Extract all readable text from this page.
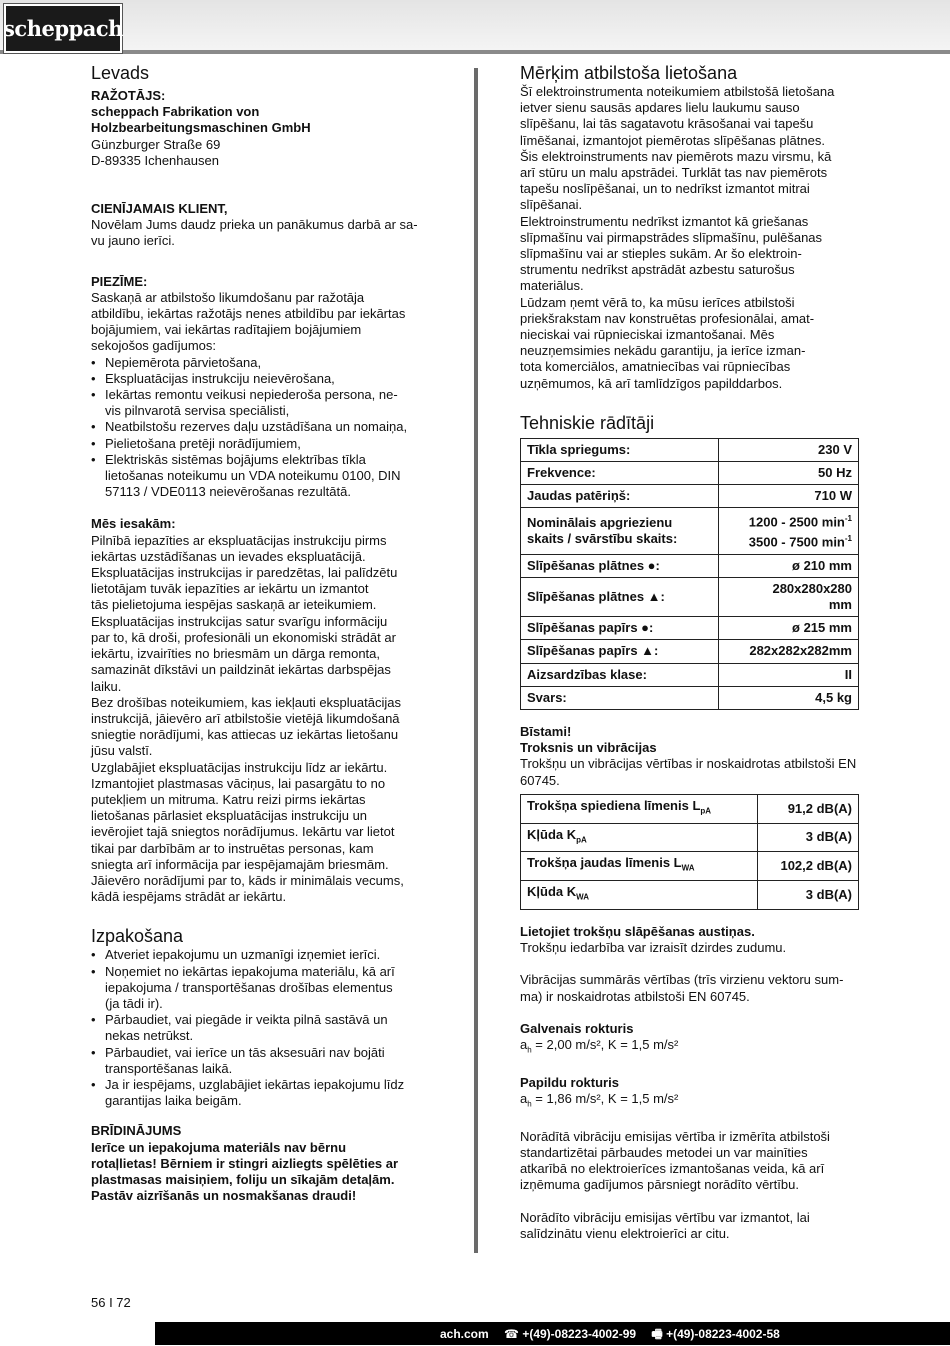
scheppach
Levads

RAŽOTĀJS:

scheppach Fabrikation von
Holzbearbeitungsmaschinen GmbH
Günzburger Straße 69
D-89335 Ichenhausen

CIENĪJAMAIS KLIENT,

Novēlam Jums daudz prieka un panākumus darbā ar sa-
vu jauno ierīci.

PIEZĪME:

Saskaņā ar atbilstošo likumdošanu par ražotāja
atbildību, iekārtas ražotājs nenes atbildību par iekārtas
bojājumiem, vai iekārtas radītajiem bojājumiem
sekojošos gadījumos:
• Nepiemērota pārvietošana,
• Ekspluatācijas instrukciju neievērošana,
• Iekārtas remontu veikusi nepiederoša persona, ne-
vis pilnvarotā servisa speciālisti,
• Neatbilstošu rezerves daļu uzstādīšana un nomaiņa,
• Pielietošana pretēji norādījumiem,
• Elektriskās sistēmas bojājums elektrības tīkla
lietošanas noteikumu un VDA noteikumu 0100, DIN
57113 / VDE0113 neievērošanas rezultātā.

Mēs iesakām:

Pilnībā iepazīties ar ekspluatācijas instrukciju pirms
iekārtas uzstādīšanas un ievades ekspluatācijā.
Ekspluatācijas instrukcijas ir paredzētas, lai palīdzētu
lietotājam tuvāk iepazīties ar iekārtu un izmantot
tās pielietojuma iespējas saskaņā ar ieteikumiem.
Ekspluatācijas instrukcijas satur svarīgu informāciju
par to, kā droši, profesionāli un ekonomiski strādāt ar
iekārtu, izvairīties no briesmām un dārga remonta,
samazināt dīkstāvi un paildzināt iekārtas darbspējas
laiku.
Bez drošības noteikumiem, kas iekļauti ekspluatācijas
instrukcijā, jāievēro arī atbilstošie vietējā likumdošanā
sniegtie norādījumi, kas attiecas uz iekārtas lietošanu
jūsu valstī.
Uzglabājiet ekspluatācijas instrukciju līdz ar iekārtu.
Izmantojiet plastmasas vāciņus, lai pasargātu to no
putekļiem un mitruma. Katru reizi pirms iekārtas
lietošanas pārlasiet ekspluatācijas instrukciju un
ievērojiet tajā sniegtos norādījumus. Iekārtu var lietot
tikai par darbībām ar to instruētas personas, kam
sniegta arī informācija par iespējamajām briesmām.
Jāievēro norādījumi par to, kāds ir minimālais vecums,
kādā iespējams strādāt ar iekārtu.
Izpakošana
• Atveriet iepakojumu un uzmanīgi izņemiet ierīci.
• Noņemiet no iekārtas iepakojuma materiālu, kā arī
iepakojuma / transportēšanas drošības elementus
(ja tādi ir).
• Pārbaudiet, vai piegāde ir veikta pilnā sastāvā un
nekas netrūkst.
• Pārbaudiet, vai ierīce un tās aksesuāri nav bojāti
transportēšanas laikā.
• Ja ir iespējams, uzglabājiet iekārtas iepakojumu līdz
garantijas laika beigām.

BRĪDINĀJUMS

Ierīce un iepakojuma materiāls nav bērnu
rotaļlietas! Bērniem ir stingri aizliegts spēlēties ar
plastmasas maisiņiem, foliju un sīkajām detaļām.
Pastāv aizrīšanās un nosmakšanas draudi!
Mērķim atbilstoša lietošana
Šī elektroinstrumenta noteikumiem atbilstošā lietošana
ietver sienu sausās apdares lielu laukumu sauso
slīpēšanu, lai tās sagatavotu krāsošanai vai tapešu
līmēšanai, izmantojot piemērotas slīpēšanas plātnes.
Šis elektroinstruments nav piemērots mazu virsmu, kā
arī stūru un malu apstrādei. Turklāt tas nav piemērots
tapešu noslīpēšanai, un to nedrīkst izmantot mitrai
slīpēšanai.
Elektroinstrumentu nedrīkst izmantot kā griešanas
slīpmašīnu vai pirmapstrādes slīpmašīnu, pulēšanas
slīpmašīnu vai ar stieples sukām. Ar šo elektroin-
strumentu nedrīkst apstrādāt azbestu saturošus
materiālus.
Lūdzam ņemt vērā to, ka mūsu ierīces atbilstoši
priekšrakstam nav konstruētas profesionālai, amat-
nieciskai vai rūpnieciskai izmantošanai. Mēs
neuzņemsimies nekādu garantiju, ja ierīce izman-
tota komerciālos, amatniecības vai rūpniecības
uzņēmumos, kā arī tamlīdzīgos papilddarbos.
Tehniskie rādītāji
Tīkla spriegums:	230 V
Frekvence:	50 Hz
Jaudas patēriņš:	710 W
Nominālais apgriezienu
skaits / svārstību skaits:	1200 - 2500 $\min^{-1}$
3500 - 7500 $\min^{-1}$
Slīpēšanas plātnes ●:	ø 210 mm
Slīpēšanas plātnes ▲:	280x280x280
mm
Slīpēšanas papīrs ●:	ø 215 mm
Slīpēšanas papīrs ▲:	282x282x282mm
Aizsardzības klase:	II
Svars:	4,5 kg

Bīstami!

Troksnis un vibrācijas

Trokšņu un vibrācijas vērtības ir noskaidrotas atbilstoši EN
60745.
Trokšņa spiediena līmenis $L_{pA}$	91,2 dB(A)
Kļūda $K_{pA}$	3 dB(A)
Trokšņa jaudas līmenis $L_{WA}$	102,2 dB(A)
Kļūda $K_{WA}$	3 dB(A)

Lietojiet trokšņu slāpēšanas austiņas.

Trokšņu iedarbība var izraisīt dzirdes zudumu.

Vibrācijas summārās vērtības (trīs virzienu vektoru sum-
ma) ir noskaidrotas atbilstoši EN 60745.

Galvenais rokturis

$a_h = 2,00$ m/s², K = 1,5 m/s²

Papildu rokturis

$a_h = 1,86$ m/s², K = 1,5 m/s²

Norādītā vibrāciju emisijas vērtība ir izmērīta atbilstoši
standartizētai pārbaudes metodei un var mainīties
atkarībā no elektroierīces izmantošanas veida, kā arī
izņēmuma gadījumos pārsniegt norādīto vērtību.
Norādīto vibrāciju emisijas vērtību var izmantot, lai
salīdzinātu vienu elektroierīci ar citu.
56 I 72
ach.com ☎ +(49)-08223-4002-99 🖷 +(49)-08223-4002-58
